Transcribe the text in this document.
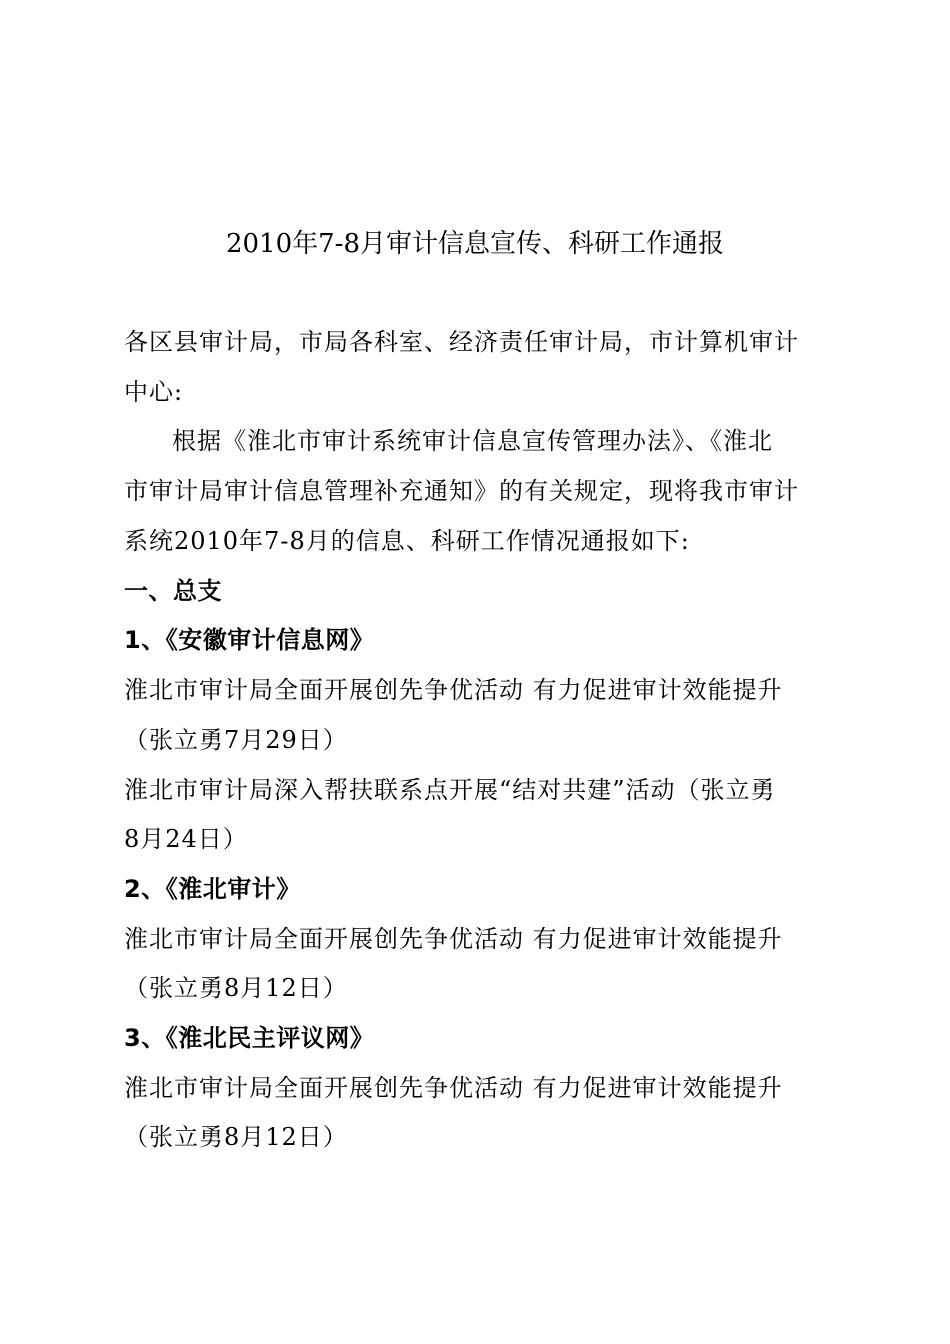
2010年7-8月审计信息宣传、科研工作通报
各区县审计局，市局各科室、经济责任审计局，市计算机审计
中心:
根据《淮北市审计系统审计信息宣传管理办法》、《淮北
市审计局审计信息管理补充通知》的有关规定，现将我市审计
系统2010年7-8月的信息、科研工作情况通报如下:
一、总支
1、《安徽审计信息网》
淮北市审计局全面开展创先争优活动 有力促进审计效能提升
（张立勇7月29日）
淮北市审计局深入帮扶联系点开展“结对共建”活动（张立勇
8月24日）
2、《淮北审计》
淮北市审计局全面开展创先争优活动 有力促进审计效能提升
（张立勇8月12日）
3、《淮北民主评议网》
淮北市审计局全面开展创先争优活动 有力促进审计效能提升
（张立勇8月12日）
